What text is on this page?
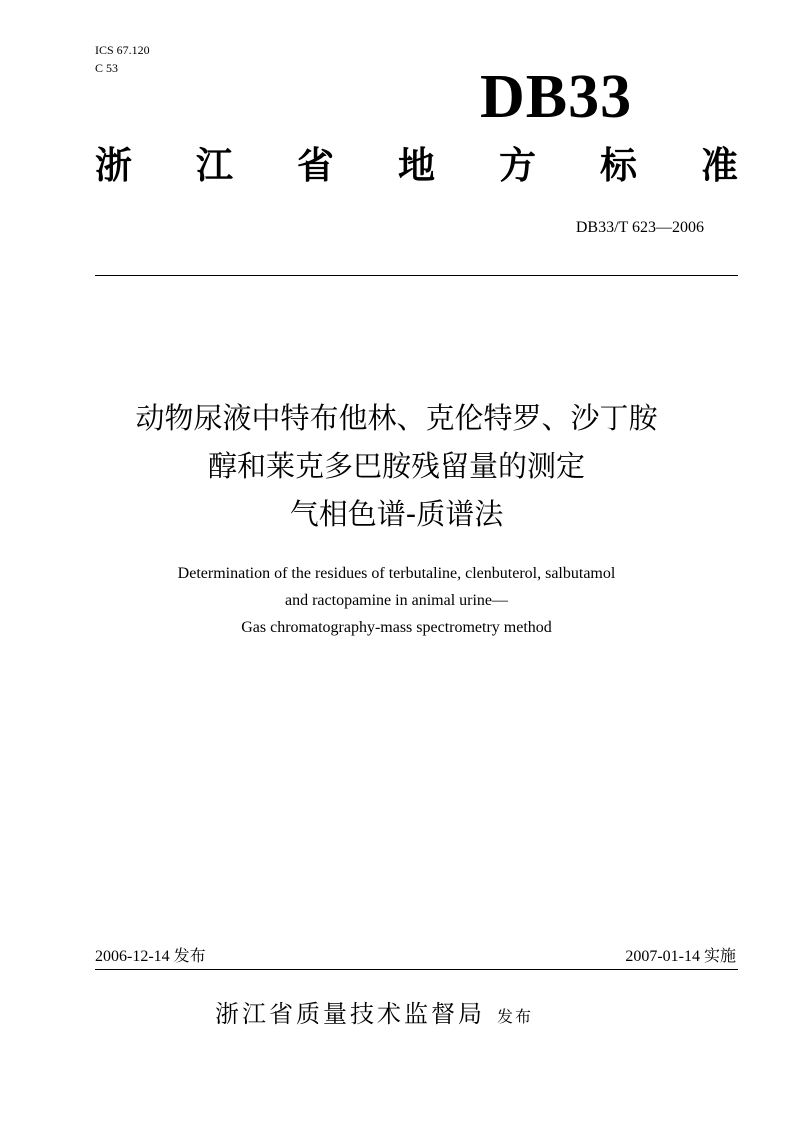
ICS 67.120
C 53	DB33
浙 江 省 地 方 标 准
DB33/T 623—2006
动物尿液中特布他林、克伦特罗、沙丁胺
醇和莱克多巴胺残留量的测定
气相色谱-质谱法
Determination of the residues of terbutaline, clenbuterol, salbutamol
and ractopamine in animal urine—
Gas chromatography-mass spectrometry method
2006-12-14 发布	2007-01-14 实施
浙江省质量技术监督局 发布
